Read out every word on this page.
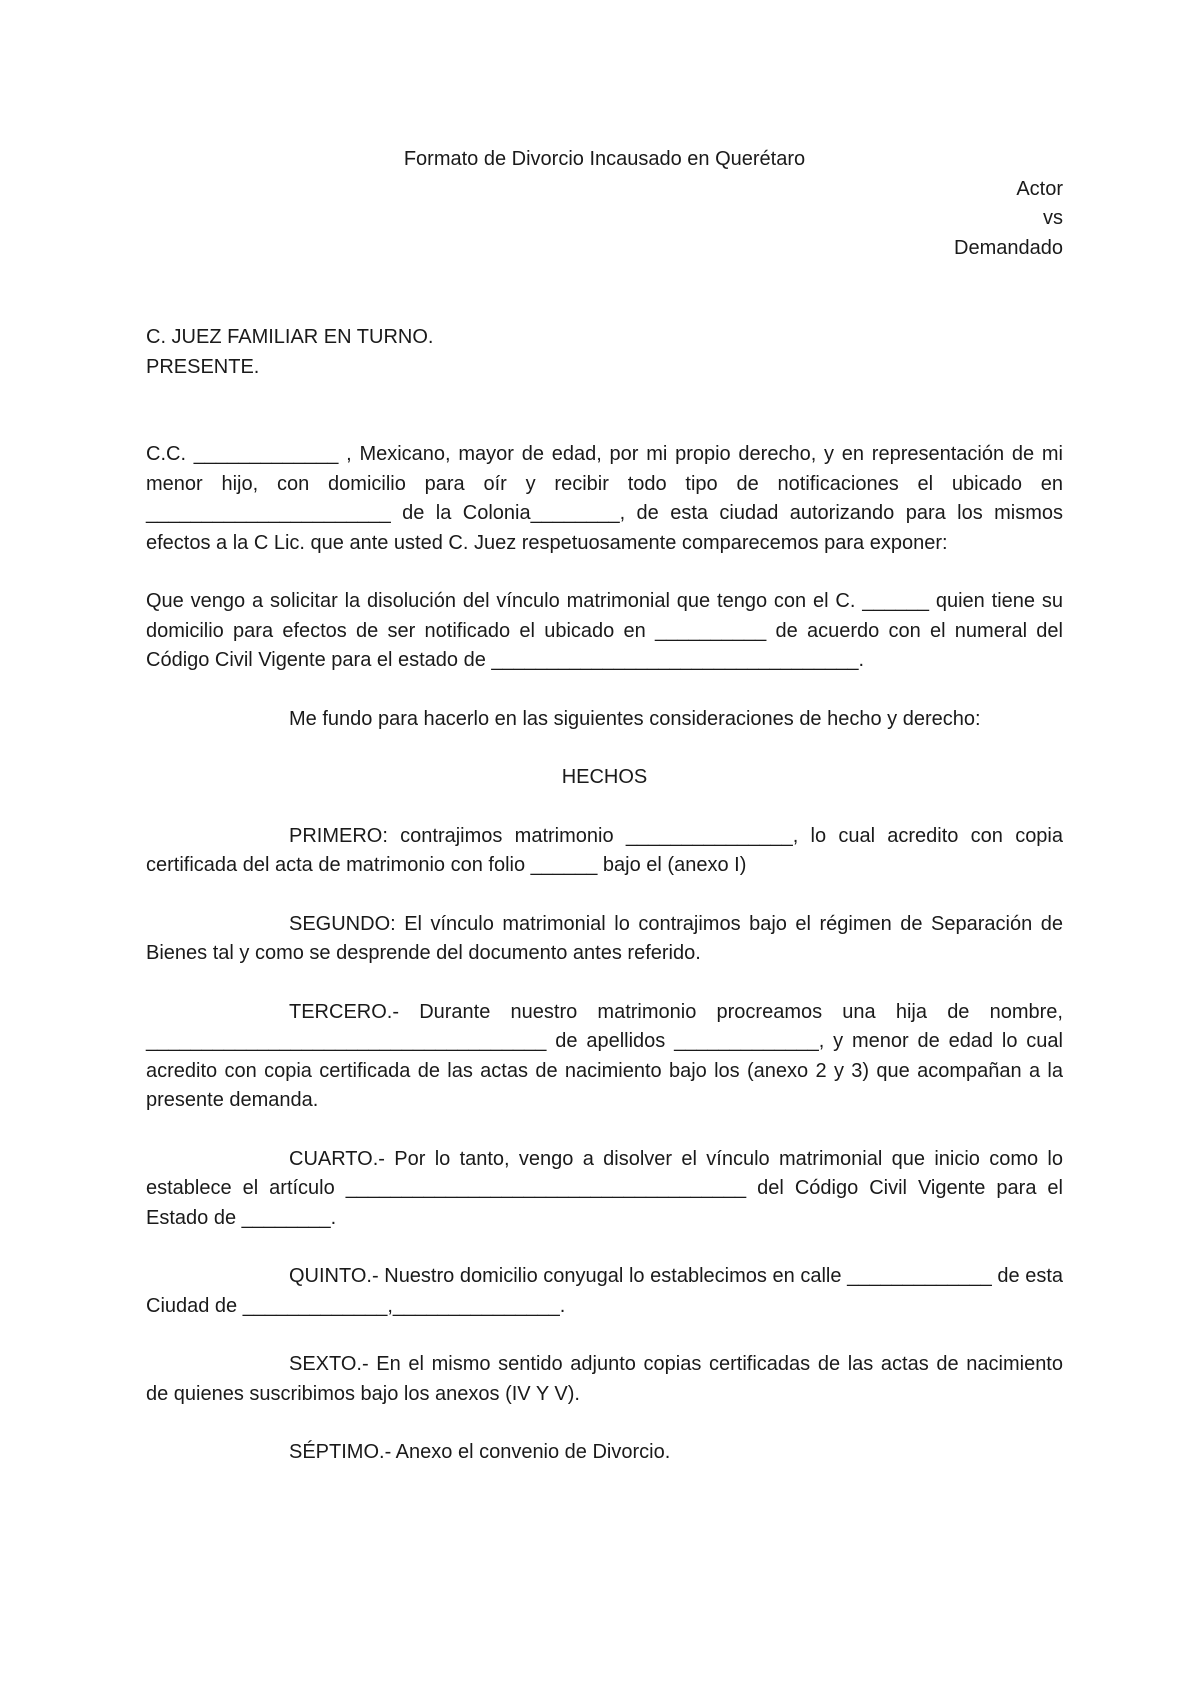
Formato de Divorcio Incausado en Querétaro
Actor
vs
Demandado
C. JUEZ FAMILIAR EN TURNO.
PRESENTE.

C.C. _____________ , Mexicano, mayor de edad, por mi propio derecho, y en representación de mi menor hijo, con domicilio para oír y recibir todo tipo de notificaciones el ubicado en ______________________ de la Colonia________, de esta ciudad autorizando para los mismos efectos a la C Lic. que ante usted C. Juez respetuosamente comparecemos para exponer:

Que vengo a solicitar la disolución del vínculo matrimonial que tengo con el C. ______ quien tiene su domicilio para efectos de ser notificado el ubicado en __________ de acuerdo con el numeral del Código Civil Vigente para el estado de _________________________________.

Me fundo para hacerlo en las siguientes consideraciones de hecho y derecho:

HECHOS

PRIMERO: contrajimos matrimonio _______________, lo cual acredito con copia certificada del acta de matrimonio con folio ______ bajo el (anexo I)

SEGUNDO: El vínculo matrimonial lo contrajimos bajo el régimen de Separación de Bienes tal y como se desprende del documento antes referido.

TERCERO.- Durante nuestro matrimonio procreamos una hija de nombre, ____________________________________ de apellidos _____________, y menor de edad lo cual acredito con copia certificada de las actas de nacimiento bajo los (anexo 2 y 3) que acompañan a la presente demanda.

CUARTO.- Por lo tanto, vengo a disolver el vínculo matrimonial que inicio como lo establece el artículo ____________________________________ del Código Civil Vigente para el Estado de ________.

QUINTO.- Nuestro domicilio conyugal lo establecimos en calle _____________ de esta Ciudad de _____________,_______________.

SEXTO.- En el mismo sentido adjunto copias certificadas de las actas de nacimiento de quienes suscribimos bajo los anexos (IV Y V).

SÉPTIMO.- Anexo el convenio de Divorcio.
